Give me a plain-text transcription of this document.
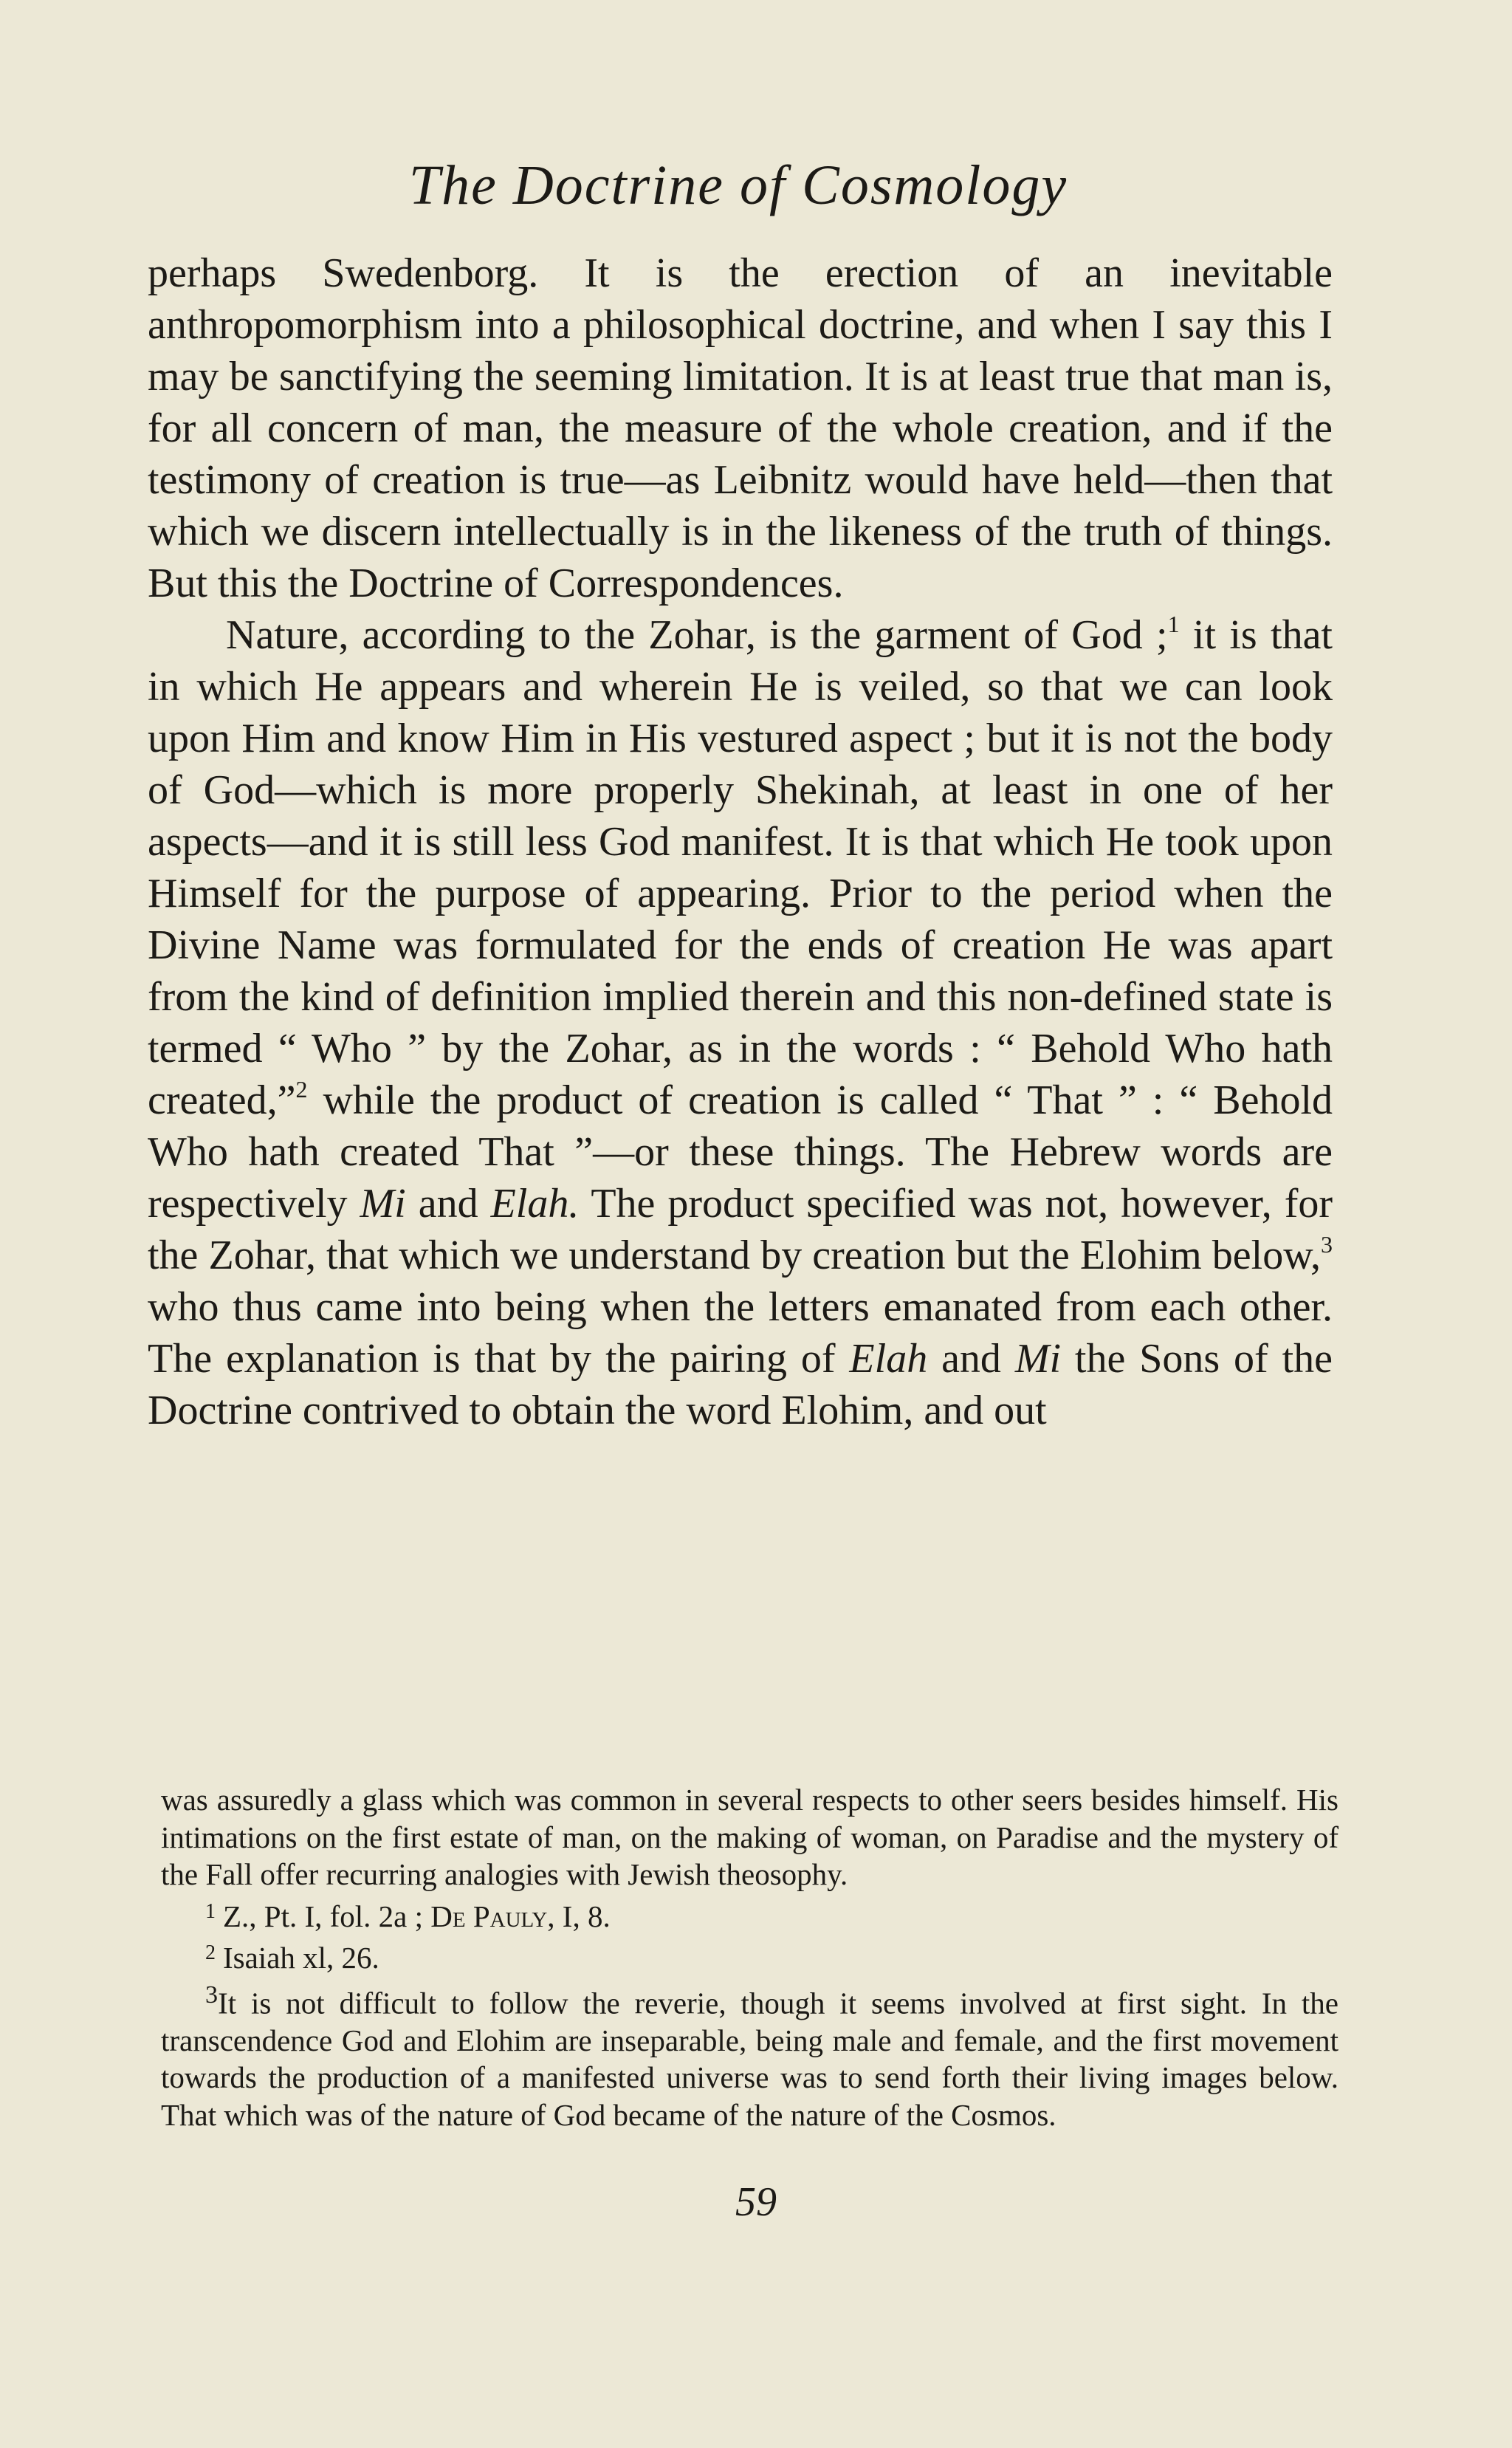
The Doctrine of Cosmology

perhaps Swedenborg. It is the erection of an inevitable anthropomorphism into a philosophical doctrine, and when I say this I may be sanctifying the seeming limitation. It is at least true that man is, for all concern of man, the measure of the whole creation, and if the testimony of creation is true—as Leibnitz would have held—then that which we discern intellectually is in the likeness of the truth of things. But this the Doctrine of Correspondences.

Nature, according to the Zohar, is the garment of God ;$^1$ it is that in which He appears and wherein He is veiled, so that we can look upon Him and know Him in His vestured aspect ; but it is not the body of God—which is more properly Shekinah, at least in one of her aspects—and it is still less God manifest. It is that which He took upon Himself for the purpose of appearing. Prior to the period when the Divine Name was formulated for the ends of creation He was apart from the kind of definition implied therein and this non-defined state is termed “ Who ” by the Zohar, as in the words : “ Behold Who hath created,”$^2$ while the product of creation is called “ That ” : “ Behold Who hath created That ”—or these things. The Hebrew words are respectively Mi and Elah. The product specified was not, however, for the Zohar, that which we understand by creation but the Elohim below,$^3$ who thus came into being when the letters emanated from each other. The explanation is that by the pairing of Elah and Mi the Sons of the Doctrine contrived to obtain the word Elohim, and out

was assuredly a glass which was common in several respects to other seers besides himself. His intimations on the first estate of man, on the making of woman, on Paradise and the mystery of the Fall offer recurring analogies with Jewish theosophy.

$^1$ Z., Pt. I, fol. 2a ; De Pauly, I, 8.

$^2$ Isaiah xl, 26.

$^3$It is not difficult to follow the reverie, though it seems involved at first sight. In the transcendence God and Elohim are inseparable, being male and female, and the first movement towards the production of a manifested universe was to send forth their living images below. That which was of the nature of God became of the nature of the Cosmos.

59
